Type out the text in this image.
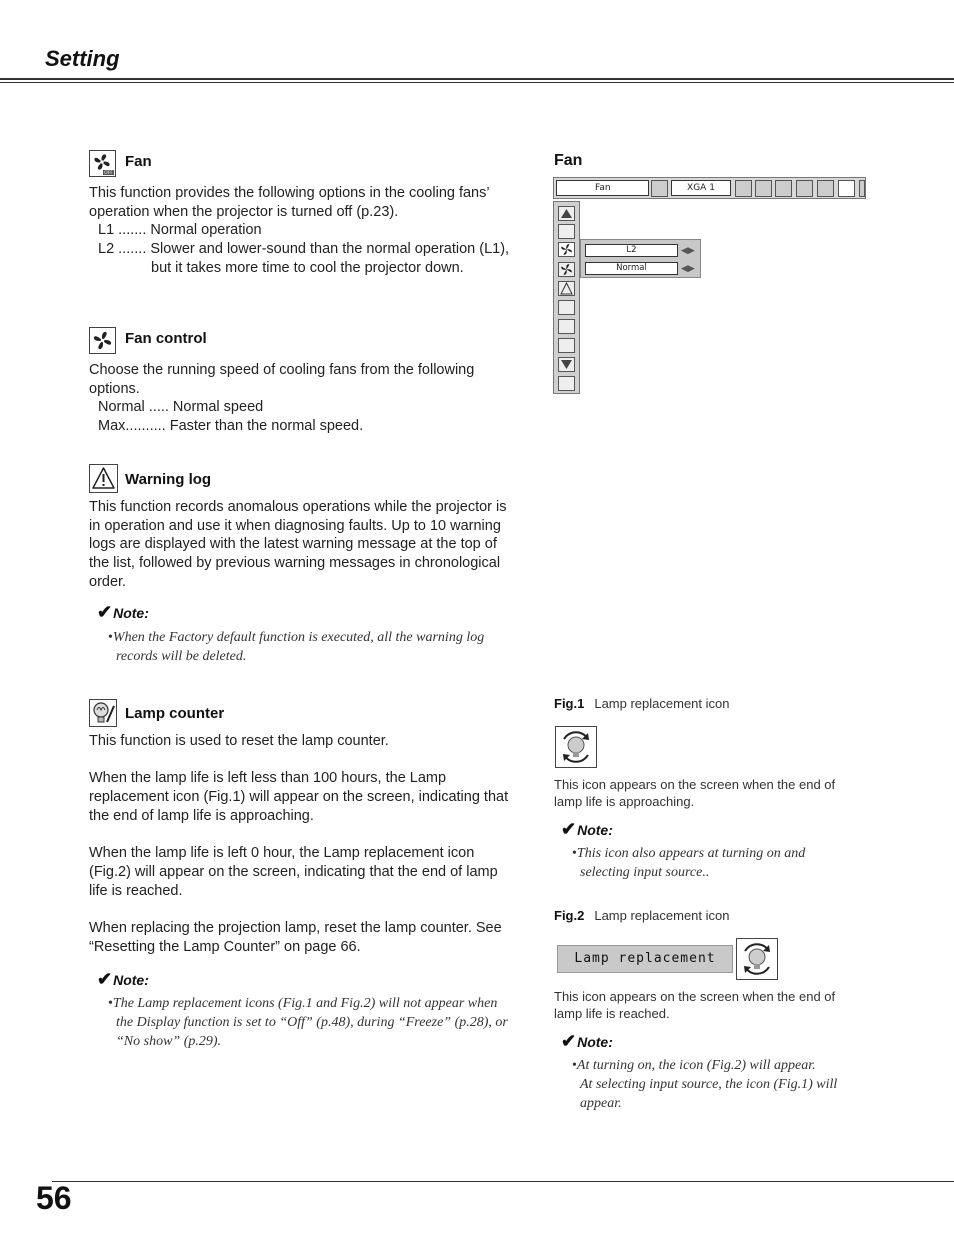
Setting
OFF
Fan

This function provides the following options in the cooling fans’ operation when the projector is turned off (p.23).

L1 ....... Normal operation

L2 ....... Slower and lower-sound than the normal operation (L1), but it takes more time to cool the projector down.

Fan control

Choose the running speed of cooling fans from the following options.

Normal ..... Normal speed

Max.......... Faster than the normal speed.

Warning log
This function records anomalous operations while the projector is in operation and use it when diagnosing faults. Up to 10 warning logs are displayed with the latest warning message at the top of the list, followed by previous warning messages in chronological order.
✔Note:
•When the Factory default function is executed, all the warning log records will be deleted.
Lamp counter

This function is used to reset the lamp counter.

When the lamp life is left less than 100 hours, the Lamp replacement icon (Fig.1) will appear on the screen, indicating that the end of lamp life is approaching.

When the lamp life is left 0 hour, the Lamp replacement icon (Fig.2) will appear on the screen, indicating that the end of lamp life is reached.

When replacing the projection lamp, reset the lamp counter. See “Resetting the Lamp Counter” on page 66.

✔Note:
•The Lamp replacement icons (Fig.1 and Fig.2) will not appear when the Display function is set to “Off” (p.48), during “Freeze” (p.28), or “No show” (p.29).
Fan
Fan	XGA 1
L2	◀▶
Normal	◀▶
Fig.1 Lamp replacement icon
This icon appears on the screen when the end of lamp life is approaching.
✔Note:
•This icon also appears at turning on and selecting input source..
Fig.2 Lamp replacement icon
Lamp replacement
This icon appears on the screen when the end of lamp life is reached.
✔Note:
•At turning on, the icon (Fig.2) will appear.
At selecting input source, the icon (Fig.1) will appear.
56
